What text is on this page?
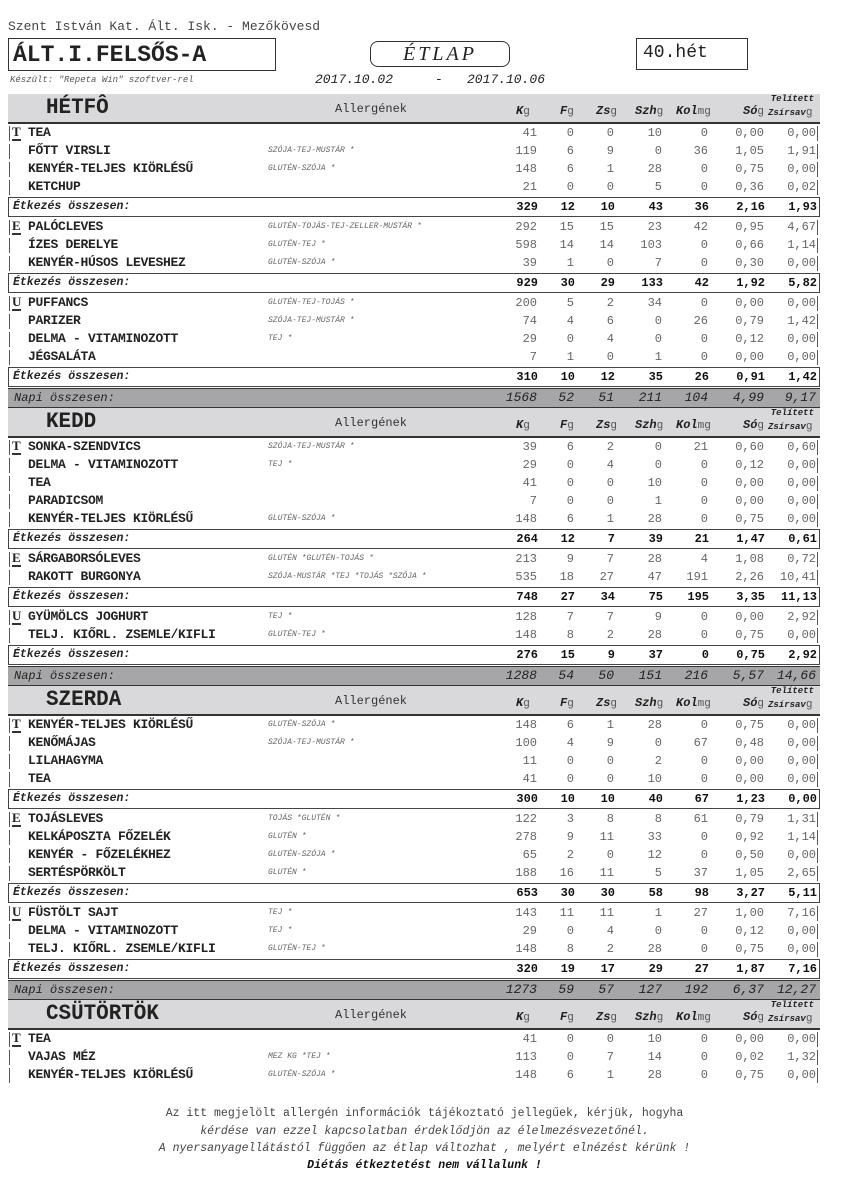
Szent István Kat. Ált. Isk. - Mezőkövesd
ÁLT.I.FELSŐS-A	ÉTLAP	40.hét
Készült: "Repeta Win" szoftver-rel	2017.10.02	- 2017.10.06
HÉTFÔ	Allergének	Kg	Fg Zsg Szhg Kolmg	Sóg Zsírsavg
Telített
T TEA	41	0	0	10	0	0,00	0,00
FŐTT VIRSLI	SZÓJA-TEJ-MUSTÁR *	119	6	9	0	36	1,05	1,91
KENYÉR-TELJES KIÖRLÉSŰ	GLUTÉN-SZÓJA *	148	6	1	28	0	0,75	0,00
KETCHUP	21	0	0	5	0	0,36	0,02
Étkezés összesen:	329	12	10	43	36	2,16	1,93
E PALÓCLEVES	GLUTÉN-TOJÁS-TEJ-ZELLER-MUSTÁR *	292	15	15	23	42	0,95	4,67
ÍZES DERELYE	GLUTÉN-TEJ *	598	14	14	103	0	0,66	1,14
KENYÉR-HÚSOS LEVESHEZ	GLUTÉN-SZÓJA *	39	1	0	7	0	0,30	0,00
Étkezés összesen:	929	30	29	133	42	1,92	5,82
U PUFFANCS	GLUTÉN-TEJ-TOJÁS *	200	5	2	34	0	0,00	0,00
PARIZER	SZÓJA-TEJ-MUSTÁR *	74	4	6	0	26	0,79	1,42
DELMA - VITAMINOZOTT	TEJ *	29	0	4	0	0	0,12	0,00
JÉGSALÁTA	7	1	0	1	0	0,00	0,00
Étkezés összesen:	310	10	12	35	26	0,91	1,42
Napi összesen:	1568	52	51	211	104	4,99	9,17
KEDD	Allergének	Kg	Fg Zsg Szhg Kolmg	Sóg Zsírsavg
Telített
T SONKA-SZENDVICS	SZÓJA-TEJ-MUSTÁR *	39	6	2	0	21	0,60	0,60
DELMA - VITAMINOZOTT	TEJ *	29	0	4	0	0	0,12	0,00
TEA	41	0	0	10	0	0,00	0,00
PARADICSOM	7	0	0	1	0	0,00	0,00
KENYÉR-TELJES KIÖRLÉSŰ	GLUTÉN-SZÓJA *	148	6	1	28	0	0,75	0,00
Étkezés összesen:	264	12	7	39	21	1,47	0,61
E SÁRGABORSÓLEVES	GLUTÉN *GLUTÉN-TOJÁS *	213	9	7	28	4	1,08	0,72
RAKOTT BURGONYA	SZÓJA-MUSTÁR *TEJ *TOJÁS *SZÓJA *	535	18	27	47	191	2,26	10,41
Étkezés összesen:	748	27	34	75	195	3,35	11,13
U GYÜMÖLCS JOGHURT	TEJ *	128	7	7	9	0	0,00	2,92
TELJ. KIŐRL. ZSEMLE/KIFLI	GLUTÉN-TEJ *	148	8	2	28	0	0,75	0,00
Étkezés összesen:	276	15	9	37	0	0,75	2,92
Napi összesen:	1288	54	50	151	216	5,57 14,66
SZERDA	Allergének	Kg	Fg Zsg Szhg Kolmg	Sóg Zsírsavg
Telített
T KENYÉR-TELJES KIÖRLÉSŰ	GLUTÉN-SZÓJA *	148	6	1	28	0	0,75	0,00
KENŐMÁJAS	SZÓJA-TEJ-MUSTÁR *	100	4	9	0	67	0,48	0,00
LILAHAGYMA	11	0	0	2	0	0,00	0,00
TEA	41	0	0	10	0	0,00	0,00
Étkezés összesen:	300	10	10	40	67	1,23	0,00
E TOJÁSLEVES	TOJÁS *GLUTÉN *	122	3	8	8	61	0,79	1,31
KELKÁPOSZTA FŐZELÉK	GLUTÉN *	278	9	11	33	0	0,92	1,14
KENYÉR - FŐZELÉKHEZ	GLUTÉN-SZÓJA *	65	2	0	12	0	0,50	0,00
SERTÉSPÖRKÖLT	GLUTÉN *	188	16	11	5	37	1,05	2,65
Étkezés összesen:	653	30	30	58	98	3,27	5,11
U FÜSTÖLT SAJT	TEJ *	143	11	11	1	27	1,00	7,16
DELMA - VITAMINOZOTT	TEJ *	29	0	4	0	0	0,12	0,00
TELJ. KIŐRL. ZSEMLE/KIFLI	GLUTÉN-TEJ *	148	8	2	28	0	0,75	0,00
Étkezés összesen:	320	19	17	29	27	1,87	7,16
Napi összesen:	1273	59	57	127	192	6,37 12,27
CSÜTÖRTÖK	Allergének	Kg	Fg Zsg Szhg Kolmg	Sóg Zsírsavg
Telített
T TEA	41	0	0	10	0	0,00	0,00
VAJAS MÉZ	MEZ KG *TEJ *	113	0	7	14	0	0,02	1,32
KENYÉR-TELJES KIÖRLÉSŰ	GLUTÉN-SZÓJA *	148	6	1	28	0	0,75	0,00
Az itt megjelölt allergén információk tájékoztató jellegűek, kérjük, hogyha
kérdése van ezzel kapcsolatban érdeklődjön az élelmezésvezetőnél.
A nyersanyagellátástól függően az étlap változhat , melyért elnézést kérünk !
Diétás étkeztetést nem vállalunk !
